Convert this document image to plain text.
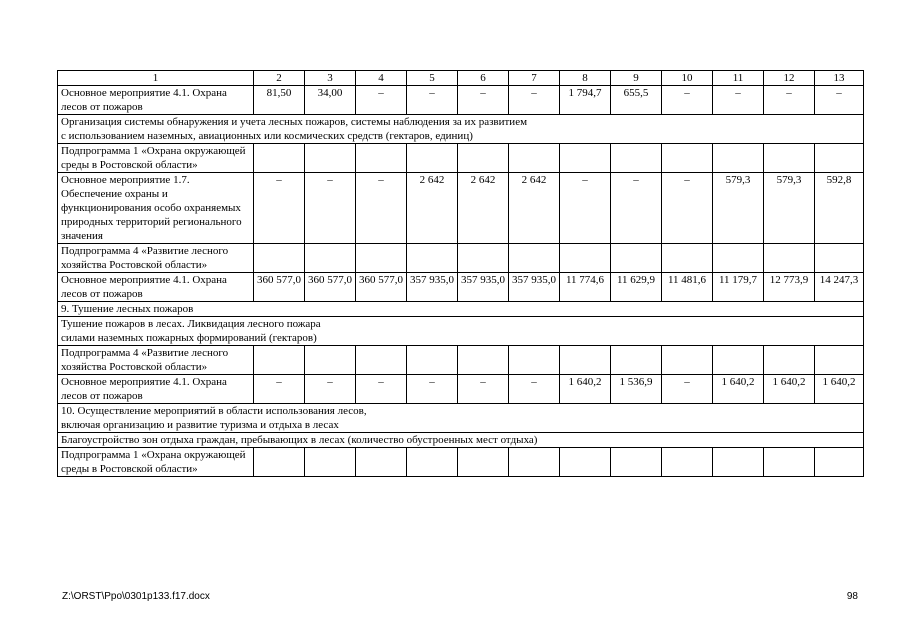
1	2	3	4	5	6	7	8	9	10	11	12	13
Основное мероприятие 4.1. Охрана лесов от пожаров	81,50	34,00	–	–	–	–	1 794,7	655,5	–	–	–	–
Организация системы обнаружения и учета лесных пожаров, системы наблюдения за их развитием
с использованием наземных, авиационных или космических средств (гектаров, единиц)												
Подпрограмма 1 «Охрана окружающей среды в Ростовской области»												
Основное мероприятие 1.7. Обеспечение охраны и функционирования особо охраняемых природных территорий регионального значения	–	–	–	2 642	2 642	2 642	–	–	–	579,3	579,3	592,8
Подпрограмма 4 «Развитие лесного хозяйства Ростовской области»												
Основное мероприятие 4.1. Охрана лесов от пожаров	360 577,0	360 577,0	360 577,0	357 935,0	357 935,0	357 935,0	11 774,6	11 629,9	11 481,6	11 179,7	12 773,9	14 247,3
9. Тушение лесных пожаров												
Тушение пожаров в лесах. Ликвидация лесного пожара
силами наземных пожарных формирований (гектаров)												
Подпрограмма 4 «Развитие лесного хозяйства Ростовской области»												
Основное мероприятие 4.1. Охрана лесов от пожаров	–	–	–	–	–	–	1 640,2	1 536,9	–	1 640,2	1 640,2	1 640,2
10. Осуществление мероприятий в области использования лесов,
включая организацию и развитие туризма и отдыха в лесах												
Благоустройство зон отдыха граждан, пребывающих в лесах (количество обустроенных мест отдыха)												
Подпрограмма 1 «Охрана окружающей среды в Ростовской области»												
Z:\ORST\Ppo\0301p133.f17.docx	98
